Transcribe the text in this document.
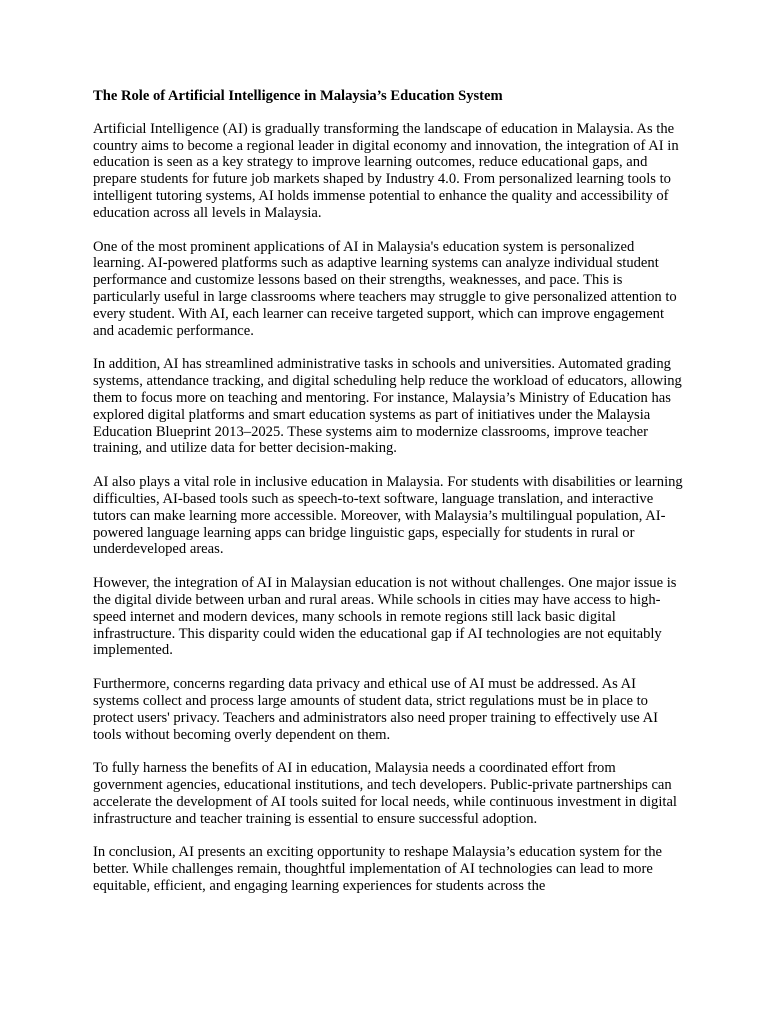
The Role of Artificial Intelligence in Malaysia’s Education System

Artificial Intelligence (AI) is gradually transforming the landscape of education in Malaysia. As the country aims to become a regional leader in digital economy and innovation, the integration of AI in education is seen as a key strategy to improve learning outcomes, reduce educational gaps, and prepare students for future job markets shaped by Industry 4.0. From personalized learning tools to intelligent tutoring systems, AI holds immense potential to enhance the quality and accessibility of education across all levels in Malaysia.

One of the most prominent applications of AI in Malaysia's education system is personalized learning. AI-powered platforms such as adaptive learning systems can analyze individual student performance and customize lessons based on their strengths, weaknesses, and pace. This is particularly useful in large classrooms where teachers may struggle to give personalized attention to every student. With AI, each learner can receive targeted support, which can improve engagement and academic performance.

In addition, AI has streamlined administrative tasks in schools and universities. Automated grading systems, attendance tracking, and digital scheduling help reduce the workload of educators, allowing them to focus more on teaching and mentoring. For instance, Malaysia’s Ministry of Education has explored digital platforms and smart education systems as part of initiatives under the Malaysia Education Blueprint 2013–2025. These systems aim to modernize classrooms, improve teacher training, and utilize data for better decision-making.

AI also plays a vital role in inclusive education in Malaysia. For students with disabilities or learning difficulties, AI-based tools such as speech-to-text software, language translation, and interactive tutors can make learning more accessible. Moreover, with Malaysia’s multilingual population, AI-powered language learning apps can bridge linguistic gaps, especially for students in rural or underdeveloped areas.

However, the integration of AI in Malaysian education is not without challenges. One major issue is the digital divide between urban and rural areas. While schools in cities may have access to high-speed internet and modern devices, many schools in remote regions still lack basic digital infrastructure. This disparity could widen the educational gap if AI technologies are not equitably implemented.

Furthermore, concerns regarding data privacy and ethical use of AI must be addressed. As AI systems collect and process large amounts of student data, strict regulations must be in place to protect users' privacy. Teachers and administrators also need proper training to effectively use AI tools without becoming overly dependent on them.

To fully harness the benefits of AI in education, Malaysia needs a coordinated effort from government agencies, educational institutions, and tech developers. Public-private partnerships can accelerate the development of AI tools suited for local needs, while continuous investment in digital infrastructure and teacher training is essential to ensure successful adoption.

In conclusion, AI presents an exciting opportunity to reshape Malaysia’s education system for the better. While challenges remain, thoughtful implementation of AI technologies can lead to more equitable, efficient, and engaging learning experiences for students across the
